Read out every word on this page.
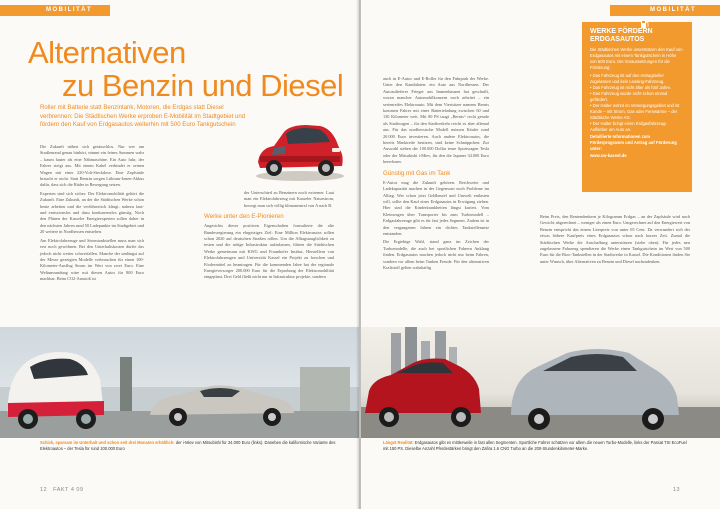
MOBILITÄT
Alternativen
zu Benzin und Diesel

Roller mit Batterie statt Benzintank, Motoren, die Erdgas statt Diesel verbrennen: Die Städtischen Werke erproben E-Mobilität im Stadtgebiet und fördern den Kauf von Erdgasautos weiterhin mit 500 Euro Tankgutschein

Die Zukunft nähert sich geräuschlos. Nur wer am Straßenrand genau hinhört, nimmt ein feines Summen wahr – kaum lauter als eine Nähmaschine. Ein Auto fuhr, der Fahrer steigt aus. Mit einem Kabel verbindet er seinen Wagen mit einer 220-Volt-Steckdose. Eine Zapfsäule braucht er nicht. Statt Benzin sorgen Lithium-Ionen-Akkus dafür, dass sich die Räder in Bewegung setzen.

Experten sind sich sicher: Der Elektromobilität gehört die Zukunft. Eine Zukunft, an der die Städtischen Werke schon heute arbeiten und die verführerisch klingt: nahezu laut- und emissionslos und dazu konkurrenzlos günstig. Noch den Plänen der Kasseler Energieexperten sollen daher in den nächsten Jahren rund 50 Ladepunkte im Stadtgebiet und 20 weitere in Nordhessen entstehen.

Am Elektrofahrzeuge und Stromtankstellen muss man sich erst noch gewöhnen. Bei den Unterhaltskosten dürfte das jedoch nicht weiter schwerfallen. Manche der umlängst auf der Messe gezeigten Modelle verbrauchen für einen 100-Kilometer-Ausflug Strom im Wert von zwei Euro. Eine Weltumrundung wäre mit diesen Autos für 800 Euro machbar. Beim CO2-Ausstoß ist

der Unterschied zu Benzinern noch extremer. Laut man ein Elektrofahrzeug mit Kasseler Naturstrom, bewegt man sich völlig klimaneutral von A nach B.

Werke unter den E-Pionieren

Angesichts dieser positiven Eigenschaften formulierte die alte Bundesregierung ein ehrgeiziges Ziel: Eine Million Elektroautos sollen schon 2020 auf deutschen Straßen rollen. Um die Alltagstauglichkeit zu testen und die nötige Infrastruktur aufzubauen, führen die Städtischen Werke gemeinsam mit KWG und Fraunhofer Institut, Herstellern von Elektrofahrzeugen und Universität Kassel ein Projekt zu forschen und Fördermittel zu beantragen. Für die kommenden Jahre hat der regionale Energieversorger 200.000 Euro für die Erprobung der Elektromobilität eingeplant. Drei Geld fließt nicht nur in Infrastruktur projekte, sondern

Schick, sparsam im Unterhalt und schon seit drei Monaten erhältlich: der i-Miev von Mitsubishi für 34.000 Euro (links). Daneben die kalifornische Variante des Elektroautos – der Tesla für rund 100.000 Euro

12 FAKT 4 09
MOBILITÄT

auch in E-Autos und E-Roller für den Fuhrpark der Werke. Unter den Kandidaten: ein Auto aus Nordhessen. Der Autozulieferer Frieger aus Immenhausen hat geschafft, woran mancher Automobilkonzern noch arbeitet – ein serienreifes Elektroauto. Mit dem Vierisitzer namens Bernis kommen Fahrer mit einer Batterieladung zwischen 60 und 130 Kilometer weit. Mit 80 PS taugt „Bernis“ recht gerade als Stadtwagen – für den Stadtverkehr reicht es aber allemal aus. Für das nordhessische Modell müssen Käufer rund 20.000 Euro investieren. Auch andere Elektroautos, die bereits Marktreife besitzen, sind keine Schnäppchen: Zur Auswahl stehen der 100.000 Dollar teure Sportwagen Tesla oder der Mitsubishi i-Miev, für den die Japaner 34.000 Euro berechnen.

Günstig mit Gas im Tank

E-Autos mag die Zukunft gehören. Reichweite und Ladekapazität machen in der Gegenwart noch Probleme im Alltag. Wer schon jetzt Geldbeutel und Umwelt entlasten will, sollte den Kauf eines Erdgasautos in Erwägung ziehen. Hier sind die Kinderkrankheiten längst kuriert. Vom Kleinwagen über Transporter bis zum Turbomodell – Erdgasfahrzeuge gibt es für fast jedes Segment. Zudem ist in den vergangenen Jahren ein dichtes Tankstellennetz entstanden.

Die Ergiebige Wahl, stand ganz im Zeichen der Turbomodelle, die auch bei sportlichen Fahrern Anklang finden. Erdgasautos machen jedoch nicht nur beim Fahren, sondern vor allem beim Tanken Freude. Für den alternativen Kraftstoff gelten wahrhaftig

WERKE FÖRDERN
ERDGASAUTOS

Die Städtischen Werke unterstützen den Kauf von Erdgasautos mit einem Tankgutschein in Höhe von 500 Euro. Die Voraussetzungen für die Förderung:

• Das Fahrzeug ist auf den Antragsteller zugelassen und kein Leasing-Fahrzeug.
• Das Fahrzeug ist nicht älter als fünf Jahre.
• Das Fahrzeug wurde nicht schon einmal gefördert.
• Der Halter wohnt im Versorgungsgebiet und ist Kunde – mit Strom, Gas oder Fernwärme – der Städtische Werke AG.
• Der Halter bringt einen Erdgasfahrzeug-Aufkleber am Auto an.

Detaillierte Informationen zum Förderprogramm und Antrag auf Förderung unter:

www.sw-kassel.de

Beim Preis, den Rentendenkern je Kilogramm Erdgas – an der Zapfsäule wird nach Gewicht abgerechnet – weniger als einen Euro. Umgerechnet auf den Energiewert von Benzin entspricht das einem Literpreis von unter 65 Cent. Da verwundert sich der etwas höhere Kaufpreis eines Erdgasautos schon nach kurzer Zeit. Zumal die Städtischen Werke die Anschaffung unterstützen (siehe oben). Für jedes neu zugelassene Fahrzeug spendieren die Werke einen Tankgutschein im Wert von 500 Euro für die Bioo-Tankstellen in der Stadtwerke in Kassel. Die Konditionen finden Sie unter Wunsch, über Alternativen zu Benzin und Diesel nachzudenken.

Längst Realität: Erdgasautos gibt es mittlerweile in fast allen Segmenten. Sportliche Fahrer schätzen vor allem die neuen Turbo-Modelle, links der Passat TSI EcoFuel mit 150 PS. Dieselbe Anzahl Pferdestärken bringt den Zafira 1.6 CNG Turbo an die 200-Stundenkilometer-Marke.

13
